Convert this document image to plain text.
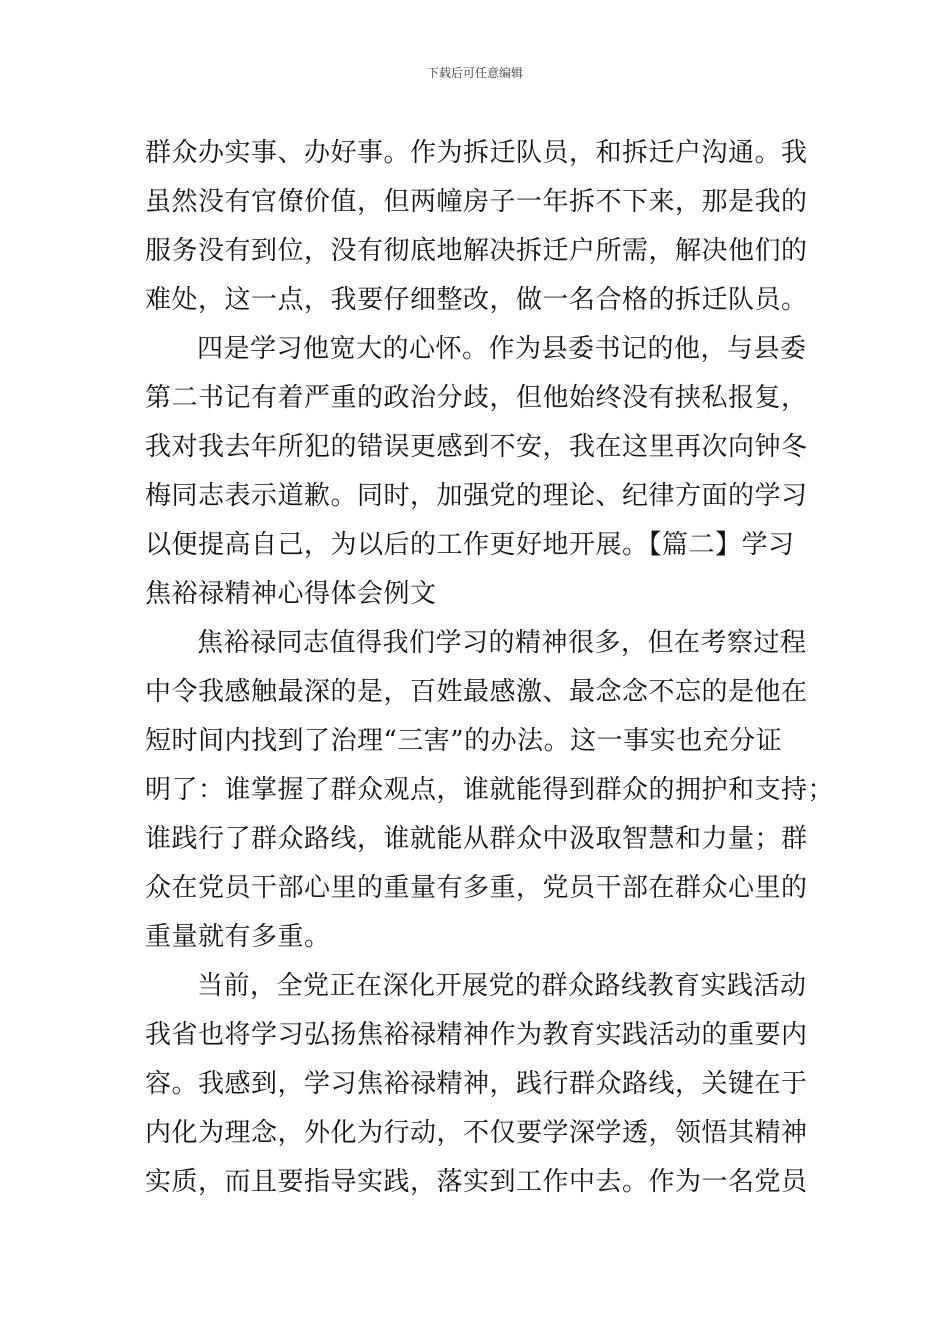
下载后可任意编辑
群众办实事、办好事。作为拆迁队员，和拆迁户沟通。我
虽然没有官僚价值，但两幢房子一年拆不下来，那是我的
服务没有到位，没有彻底地解决拆迁户所需，解决他们的
难处，这一点，我要仔细整改，做一名合格的拆迁队员。
四是学习他宽大的心怀。作为县委书记的他，与县委
第二书记有着严重的政治分歧，但他始终没有挟私报复，
我对我去年所犯的错误更感到不安，我在这里再次向钟冬
梅同志表示道歉。同时，加强党的理论、纪律方面的学习
以便提高自己，为以后的工作更好地开展。【篇二】学习
焦裕禄精神心得体会例文
焦裕禄同志值得我们学习的精神很多，但在考察过程
中令我感触最深的是，百姓最感激、最念念不忘的是他在
短时间内找到了治理“三害”的办法。这一事实也充分证
明了：谁掌握了群众观点，谁就能得到群众的拥护和支持；
谁践行了群众路线，谁就能从群众中汲取智慧和力量；群
众在党员干部心里的重量有多重，党员干部在群众心里的
重量就有多重。
当前，全党正在深化开展党的群众路线教育实践活动
我省也将学习弘扬焦裕禄精神作为教育实践活动的重要内
容。我感到，学习焦裕禄精神，践行群众路线，关键在于
内化为理念，外化为行动，不仅要学深学透，领悟其精神
实质，而且要指导实践，落实到工作中去。作为一名党员
